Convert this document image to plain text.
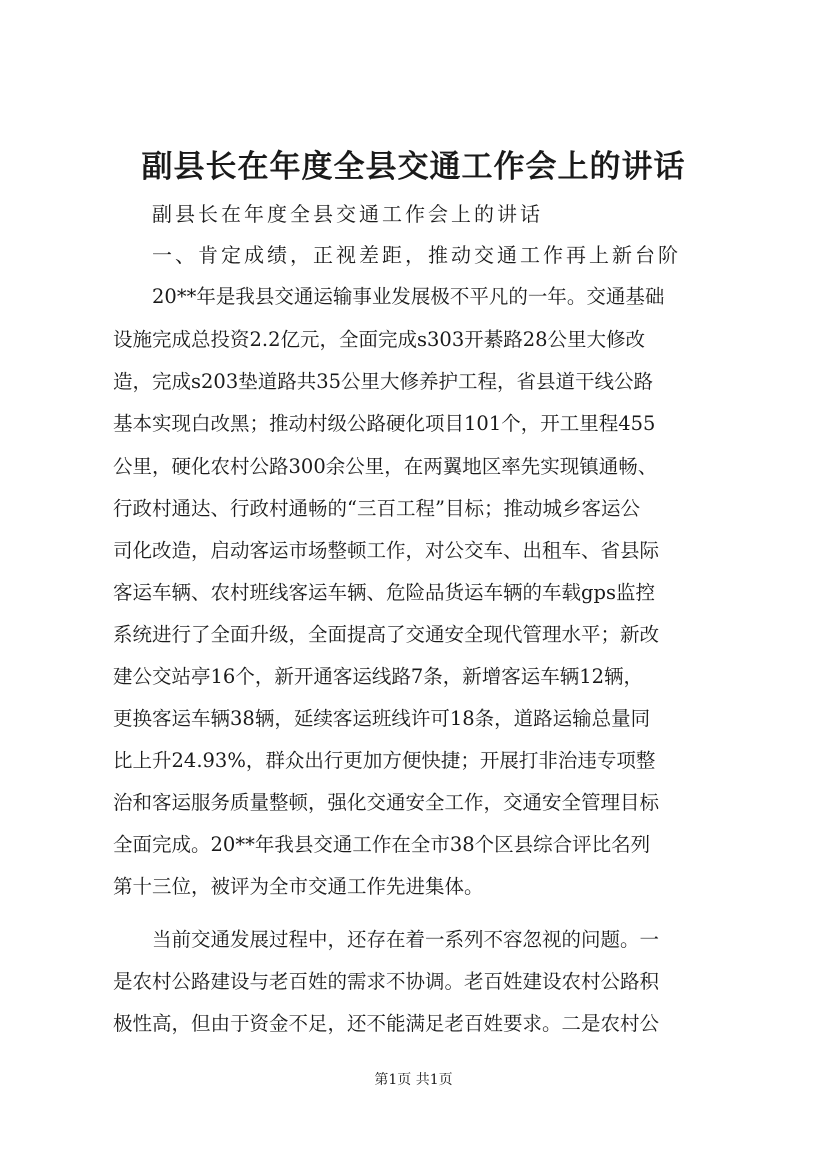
副县长在年度全县交通工作会上的讲话
副县长在年度全县交通工作会上的讲话
一、肯定成绩，正视差距，推动交通工作再上新台阶
20**年是我县交通运输事业发展极不平凡的一年。交通基础
设施完成总投资2.2亿元，全面完成s303开綦路28公里大修改
造，完成s203垫道路共35公里大修养护工程，省县道干线公路
基本实现白改黑；推动村级公路硬化项目101个，开工里程455
公里，硬化农村公路300余公里，在两翼地区率先实现镇通畅、
行政村通达、行政村通畅的“三百工程”目标；推动城乡客运公
司化改造，启动客运市场整顿工作，对公交车、出租车、省县际
客运车辆、农村班线客运车辆、危险品货运车辆的车载gps监控
系统进行了全面升级，全面提高了交通安全现代管理水平；新改
建公交站亭16个，新开通客运线路7条，新增客运车辆12辆，
更换客运车辆38辆，延续客运班线许可18条，道路运输总量同
比上升24.93%，群众出行更加方便快捷；开展打非治违专项整
治和客运服务质量整顿，强化交通安全工作，交通安全管理目标
全面完成。20**年我县交通工作在全市38个区县综合评比名列
第十三位，被评为全市交通工作先进集体。
当前交通发展过程中，还存在着一系列不容忽视的问题。一
是农村公路建设与老百姓的需求不协调。老百姓建设农村公路积
极性高，但由于资金不足，还不能满足老百姓要求。二是农村公
第1页 共1页
